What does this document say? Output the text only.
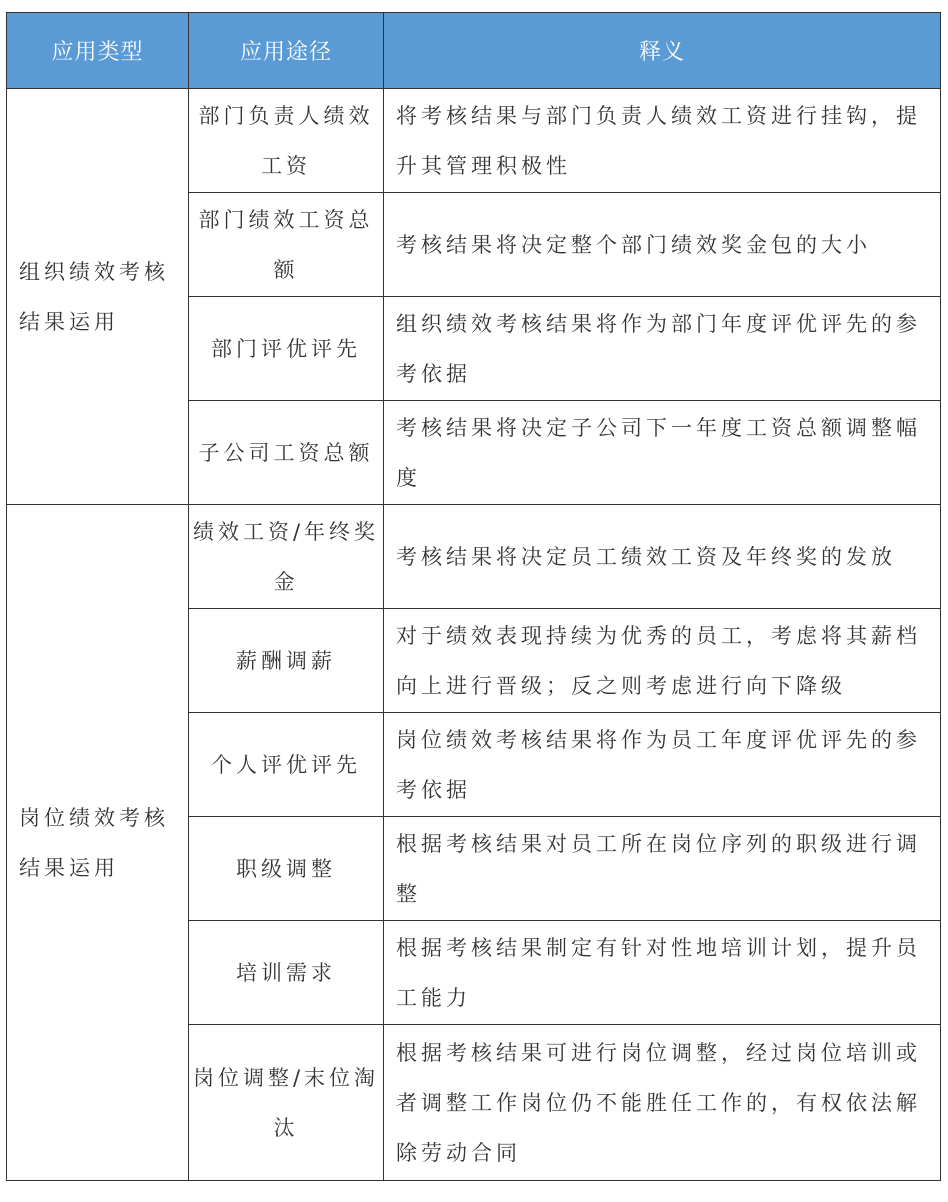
应用类型	应用途径	释义
组织绩效考核结果运用	部门负责人绩效工资	将考核结果与部门负责人绩效工资进行挂钩，提升其管理积极性
	部门绩效工资总额	考核结果将决定整个部门绩效奖金包的大小
	部门评优评先	组织绩效考核结果将作为部门年度评优评先的参考依据
	子公司工资总额	考核结果将决定子公司下一年度工资总额调整幅度
岗位绩效考核结果运用	绩效工资/年终奖金	考核结果将决定员工绩效工资及年终奖的发放
	薪酬调薪	对于绩效表现持续为优秀的员工，考虑将其薪档向上进行晋级；反之则考虑进行向下降级
	个人评优评先	岗位绩效考核结果将作为员工年度评优评先的参考依据
	职级调整	根据考核结果对员工所在岗位序列的职级进行调整
	培训需求	根据考核结果制定有针对性地培训计划，提升员工能力
	岗位调整/末位淘汰	根据考核结果可进行岗位调整，经过岗位培训或者调整工作岗位仍不能胜任工作的，有权依法解除劳动合同
